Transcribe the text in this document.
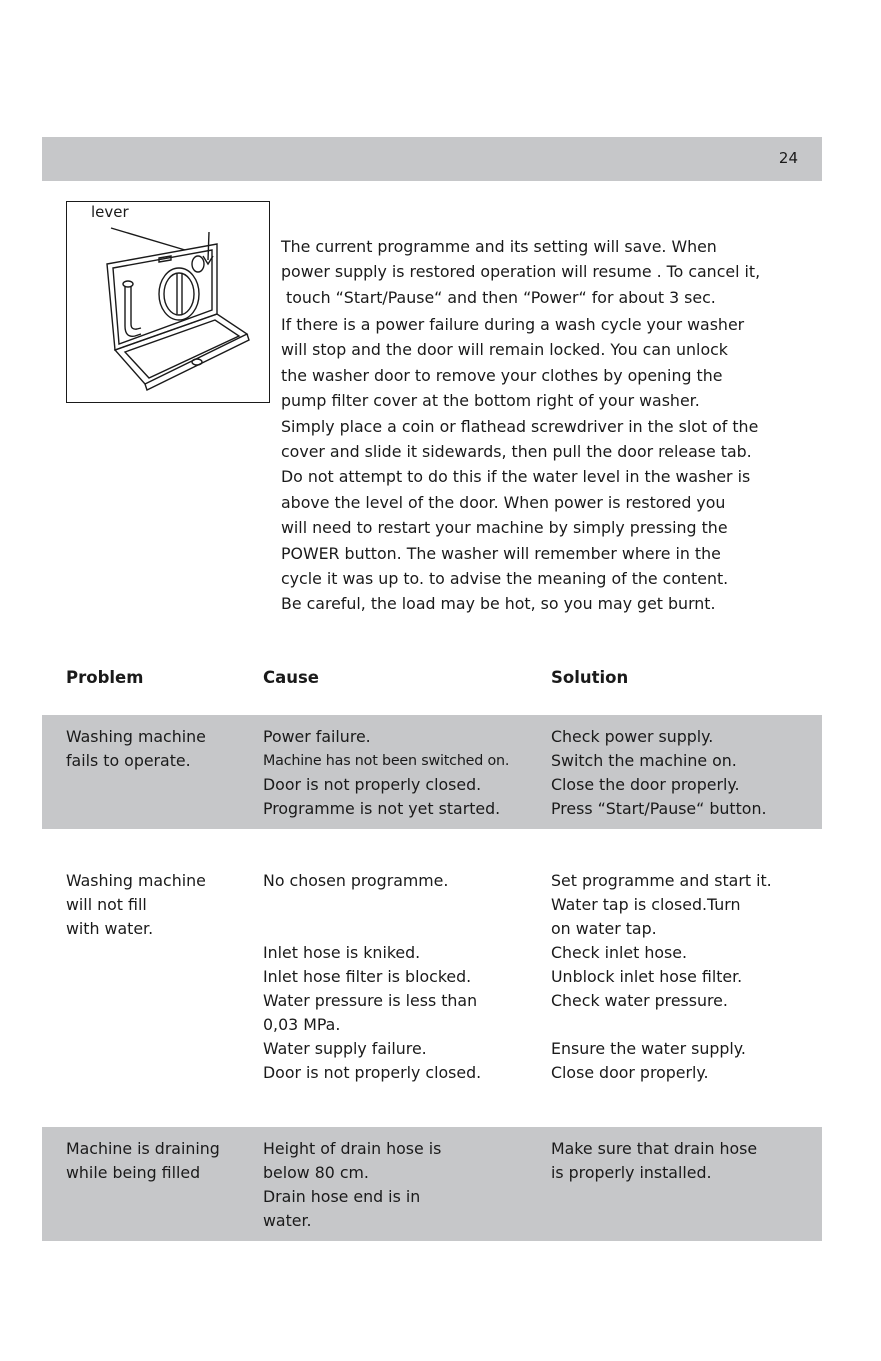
24
lever

The current programme and its setting will save. When
power supply is restored operation will resume . To cancel it,
touch “Start/Pause“ and then “Power“ for about 3 sec.

If there is a power failure during a wash cycle your washer
will stop and the door will remain locked. You can unlock
the washer door to remove your clothes by opening the
pump filter cover at the bottom right of your washer.
Simply place a coin or flathead screwdriver in the slot of the
cover and slide it sidewards, then pull the door release tab.
Do not attempt to do this if the water level in the washer is
above the level of the door. When power is restored you
will need to restart your machine by simply pressing the
POWER button. The washer will remember where in the
cycle it was up to. to advise the meaning of the content.
Be careful, the load may be hot, so you may get burnt.

Problem	Cause	Solution
Washing machine
fails to operate.
Power failure.
Machine has not been switched on.
Door is not properly closed.
Programme is not yet started.
Check power supply.
Switch the machine on.
Close the door properly.
Press “Start/Pause“ button.
Washing machine
will not fill
with water.
No chosen programme.

Inlet hose is kniked.
Inlet hose filter is blocked.
Water pressure is less than
0,03 MPa.
Water supply failure.
Door is not properly closed.
Set programme and start it.
Water tap is closed.Turn
on water tap.
Check inlet hose.
Unblock inlet hose filter.
Check water pressure.

Ensure the water supply.
Close door properly.
Machine is draining
while being filled
Height of drain hose is
below 80 cm.
Drain hose end is in
water.
Make sure that drain hose
is properly installed.
